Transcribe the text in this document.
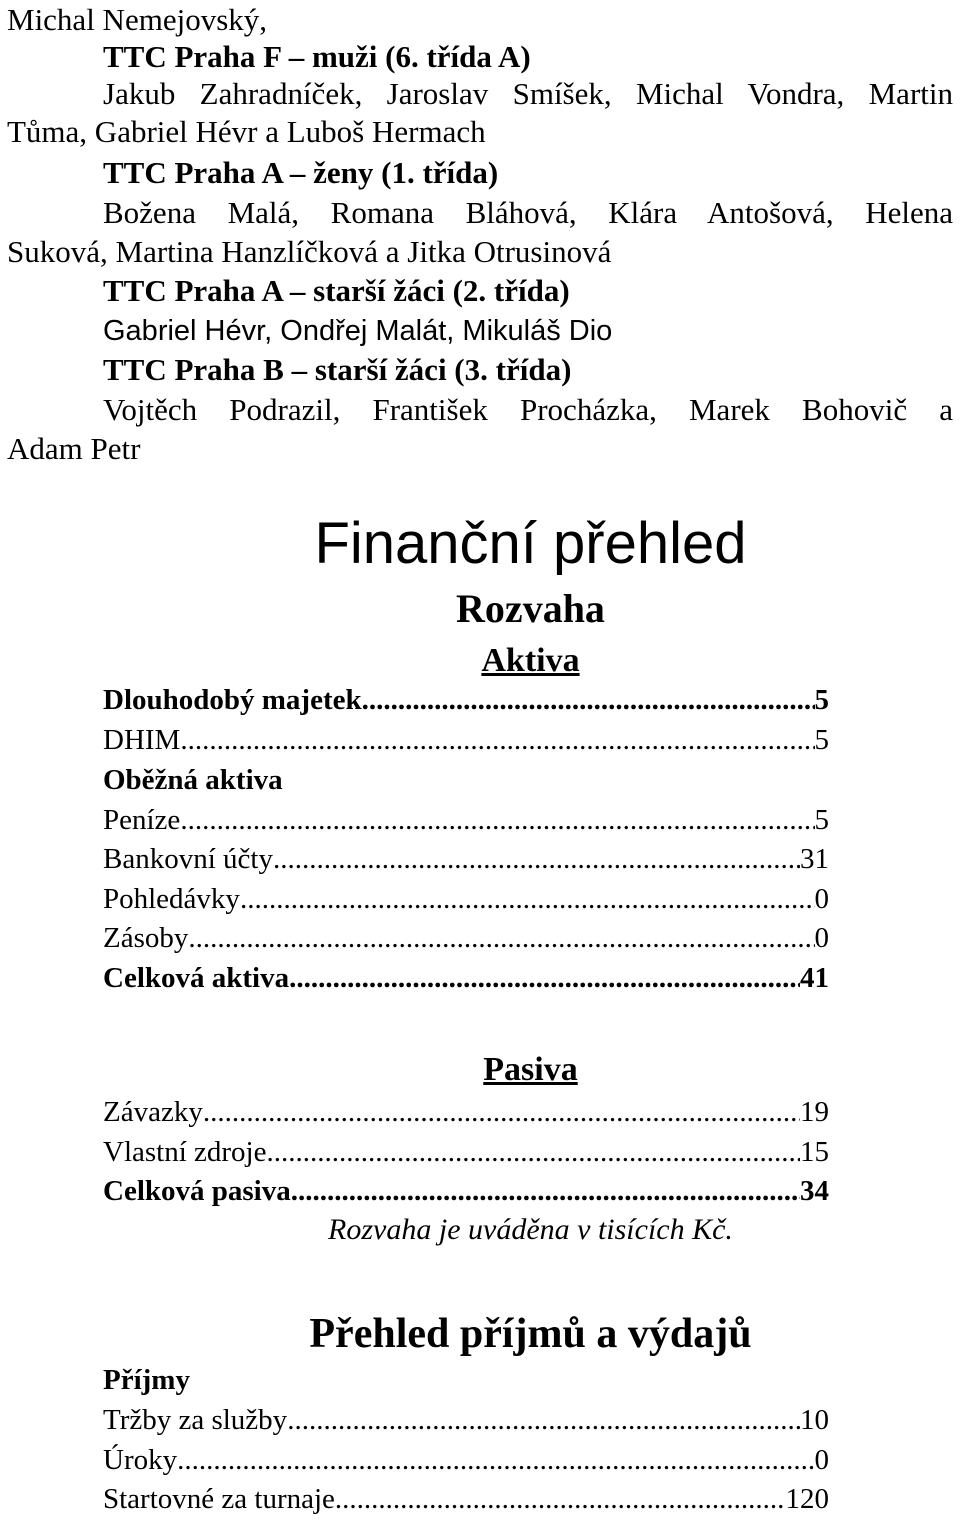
Michal Nemejovský,
TTC Praha F – muži (6. třída A)
Jakub Zahradníček, Jaroslav Smíšek, Michal Vondra, Martin
Tůma, Gabriel Hévr a Luboš Hermach
TTC Praha A – ženy (1. třída)
Božena Malá, Romana Bláhová, Klára Antošová, Helena
Suková, Martina Hanzlíčková a Jitka Otrusinová
TTC Praha A – starší žáci (2. třída)
Gabriel Hévr, Ondřej Malát, Mikuláš Dio
TTC Praha B – starší žáci (3. třída)
Vojtěch Podrazil, František Procházka, Marek Bohovič a
Adam Petr
Finanční přehled
Rozvaha
Aktiva
Dlouhodobý majetek .....	5
DHIM .....	5
Oběžná aktiva
Peníze .....	5
Bankovní účty .....	31
Pohledávky .....	0
Zásoby .....	0
Celková aktiva .....	41
Pasiva
Závazky .....	19
Vlastní zdroje .....	15
Celková pasiva .....	34
Rozvaha je uváděna v tisících Kč.
Přehled příjmů a výdajů
Příjmy
Tržby za služby .....	10
Úroky .....	0
Startovné za turnaje .....	120
